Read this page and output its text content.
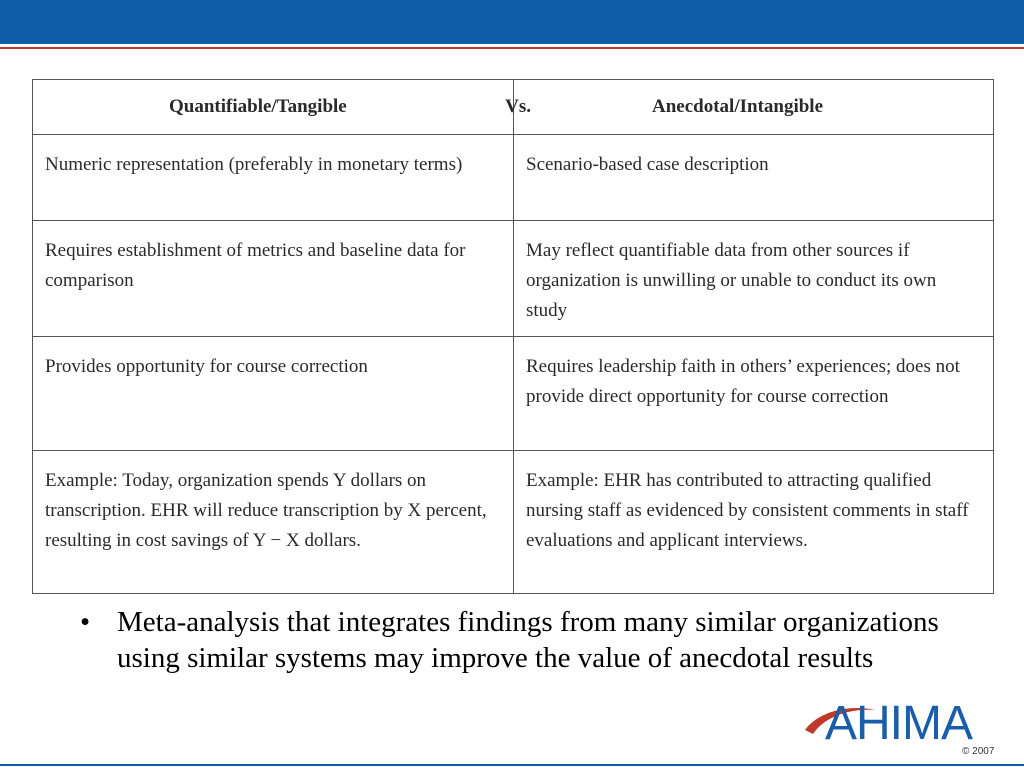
Quantifiable/Tangible Vs.	Anecdotal/Intangible

Numeric representation (preferably in monetary terms)	Scenario-based case description
Requires establishment of metrics and baseline data for comparison	May reflect quantifiable data from other sources if organization is unwilling or unable to conduct its own study
Provides opportunity for course correction	Requires leadership faith in others’ experiences; does not provide direct opportunity for course correction
Example: Today, organization spends Y dollars on transcription. EHR will reduce transcription by X percent, resulting in cost savings of Y − X dollars.	Example: EHR has contributed to attracting qualified nursing staff as evidenced by consistent comments in staff evaluations and applicant interviews.
• Meta-analysis that integrates findings from many similar organizations using similar systems may improve the value of anecdotal results
AHIMA
© 2007
